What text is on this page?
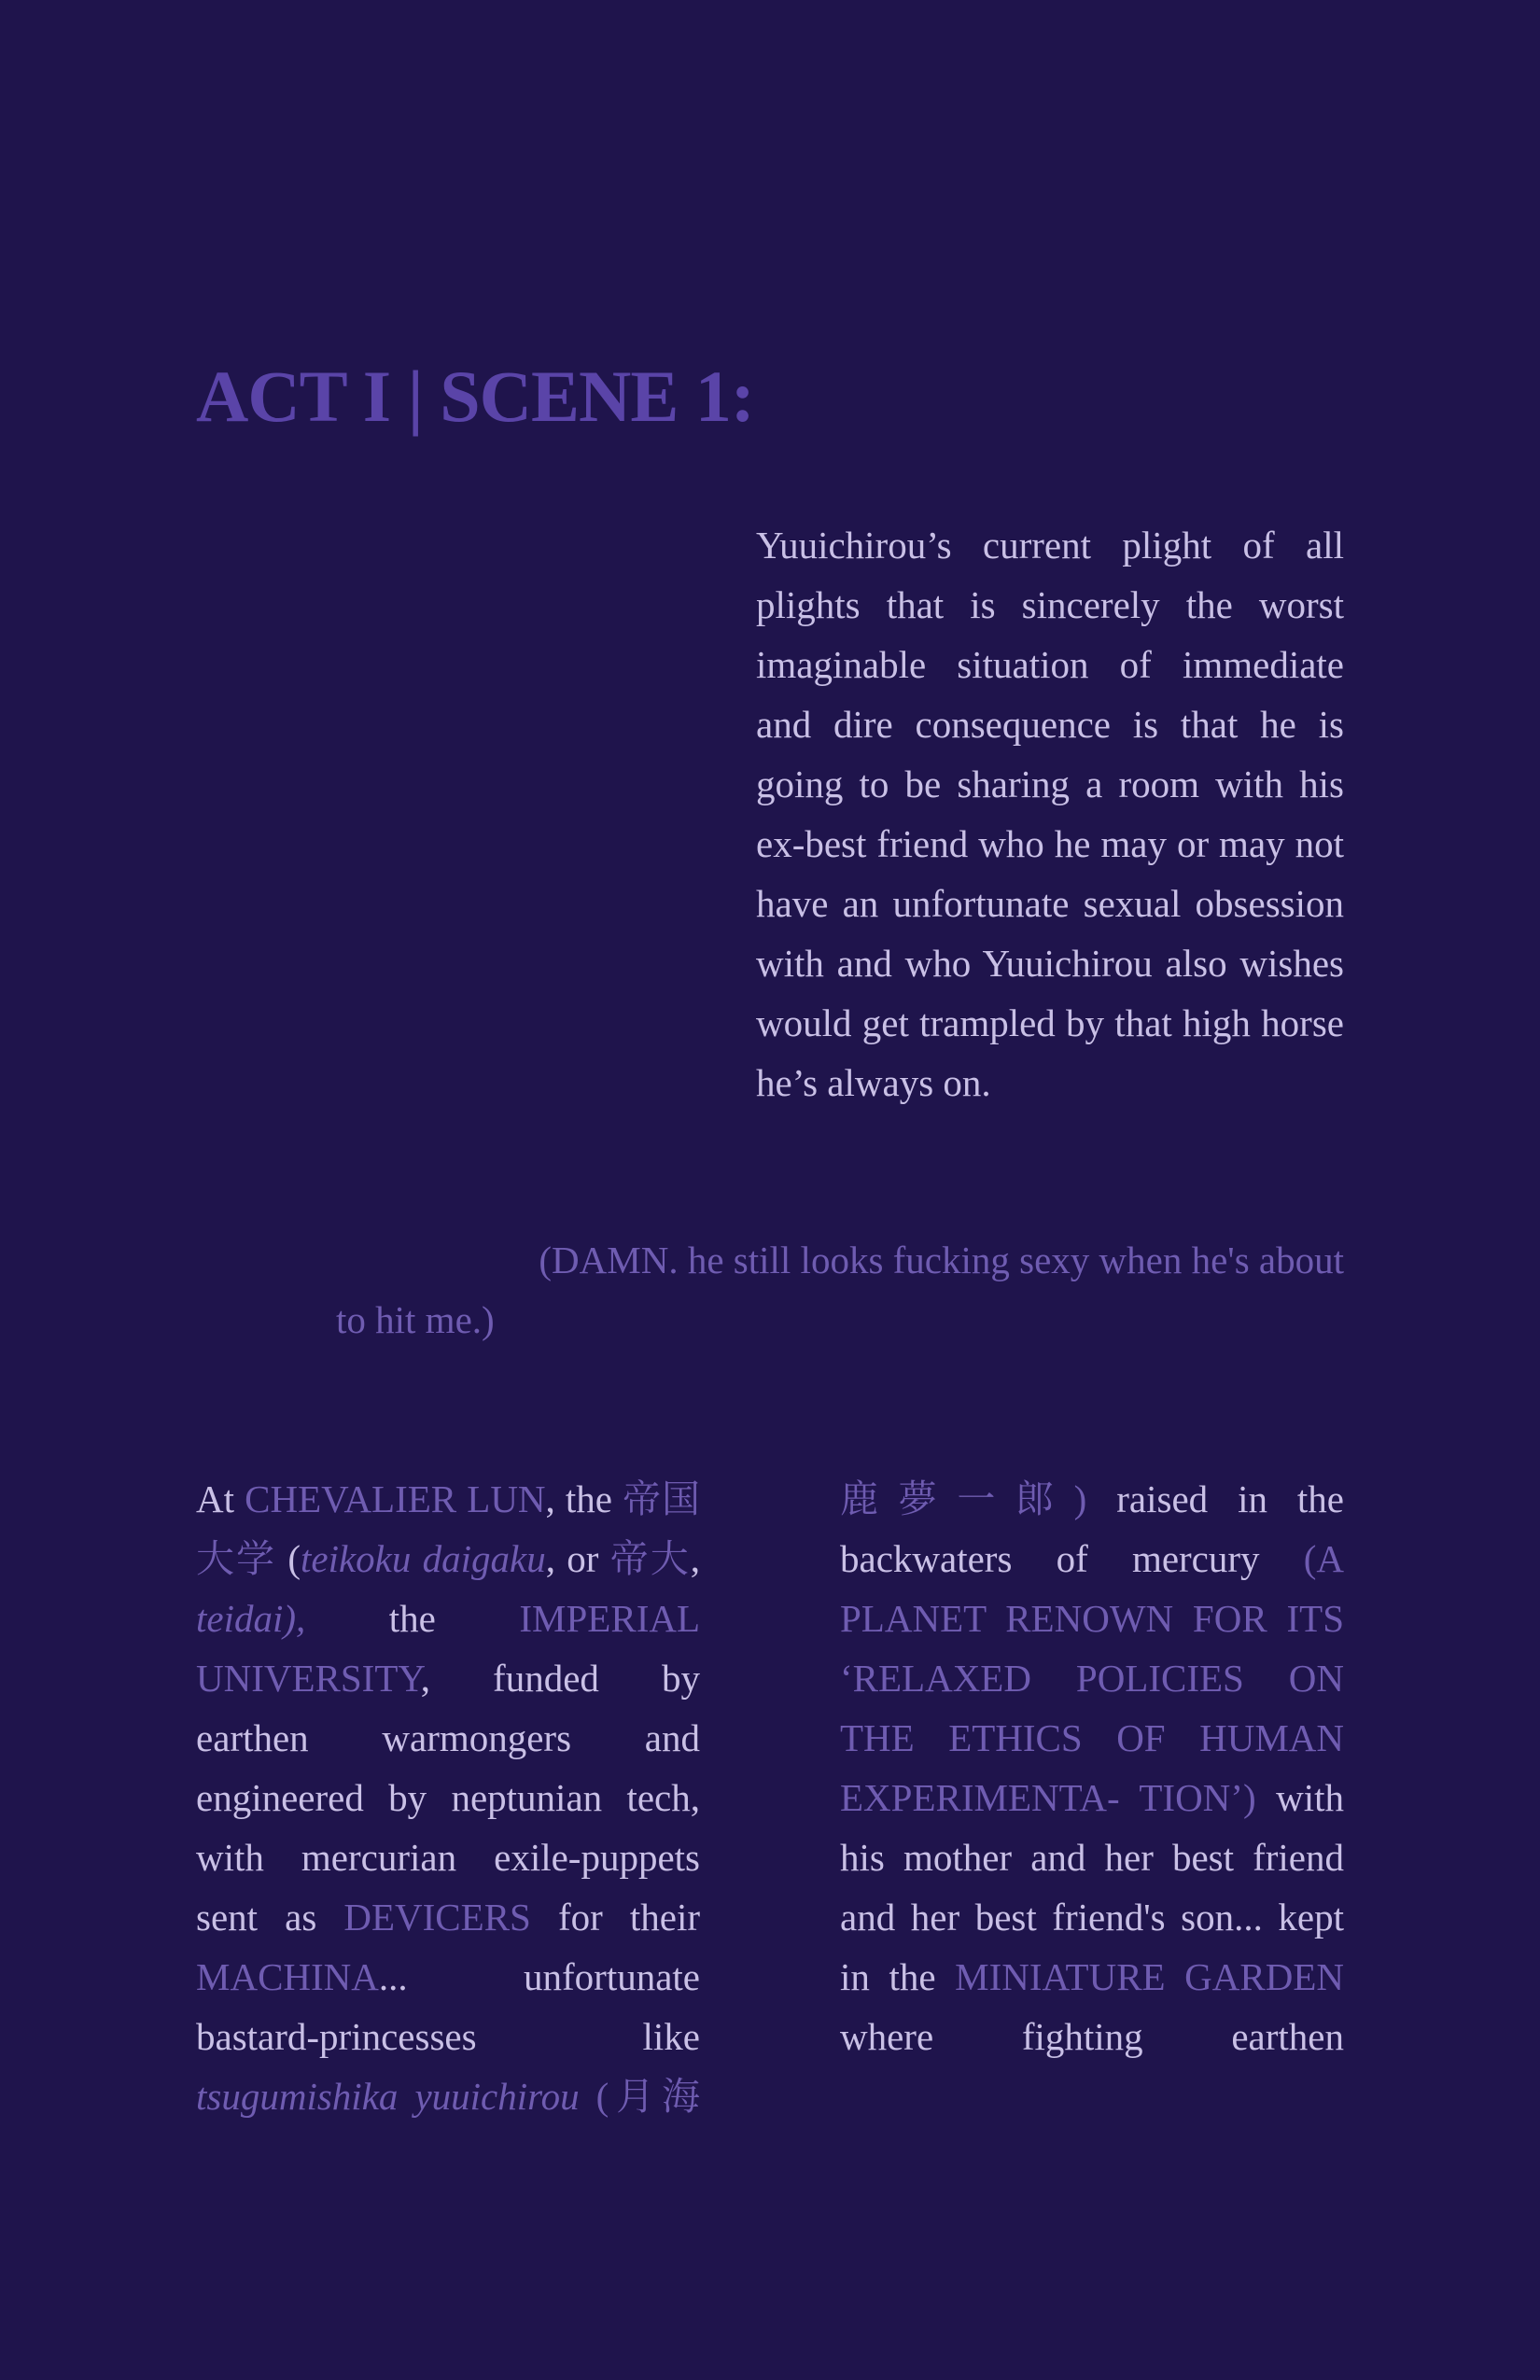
ACT I | SCENE 1:

Yuuichirou’s current plight of all plights that is sincerely the worst imaginable situation of immediate and dire consequence is that he is going to be sharing a room with his ex-best friend who he may or may not have an unfortunate sexual obsession with and who Yuuichirou also wishes would get trampled by that high horse he’s always on.

(DAMN. he still looks fucking sexy when he's about
to hit me.)

At CHEVALIER LUN, the 帝国大学 (teikoku daigaku, or 帝大, teidai), the IMPERIAL UNIVERSITY, funded by earthen warmongers and engineered by neptunian tech, with mercurian exile-puppets sent as DEVICERS for their MACHINA... unfortunate bastard-princesses like tsugumishika yuuichirou (月海

鹿夢一郎) raised in the backwaters of mercury (A PLANET RENOWN FOR ITS ‘RELAXED POLICIES ON THE ETHICS OF HUMAN EXPERIMENTA- TION’) with his mother and her best friend and her best friend's son... kept in the MINIATURE GARDEN where fighting earthen
